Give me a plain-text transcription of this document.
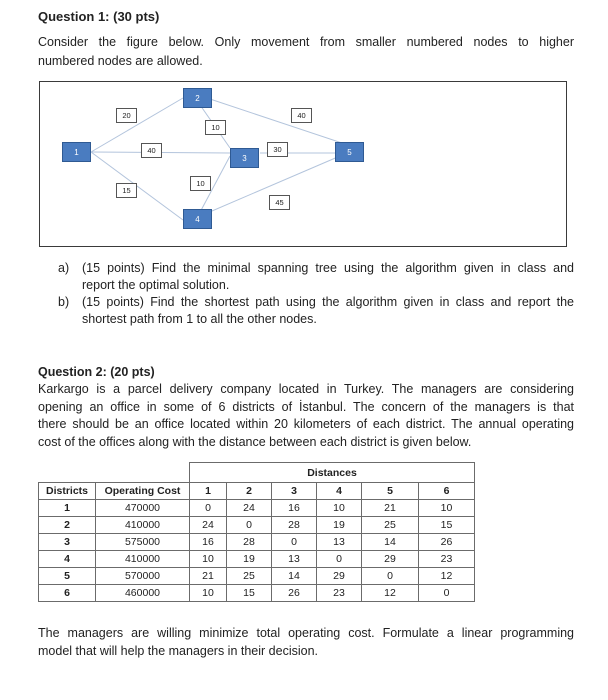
Question 1: (30 pts)
Consider the figure below. Only movement from smaller numbered nodes to higher
numbered nodes are allowed.
1
2
3
4
5
20
40
15
10
40
10
30
45
a) (15 points) Find the minimal spanning tree using the algorithm given in class and
report the optimal solution.
b) (15 points) Find the shortest path using the algorithm given in class and report the
shortest path from 1 to all the other nodes.
Question 2: (20 pts)
Karkargo is a parcel delivery company located in Turkey. The managers are considering
opening an office in some of 6 districts of İstanbul. The concern of the managers is that
there should be an office located within 20 kilometers of each district. The annual operating
cost of the offices along with the distance between each district is given below.
		Distances					
Districts	Operating Cost	1	2	3	4	5	6
1	470000	0	24	16	10	21	10
2	410000	24	0	28	19	25	15
3	575000	16	28	0	13	14	26
4	410000	10	19	13	0	29	23
5	570000	21	25	14	29	0	12
6	460000	10	15	26	23	12	0
The managers are willing minimize total operating cost. Formulate a linear programming
model that will help the managers in their decision.
